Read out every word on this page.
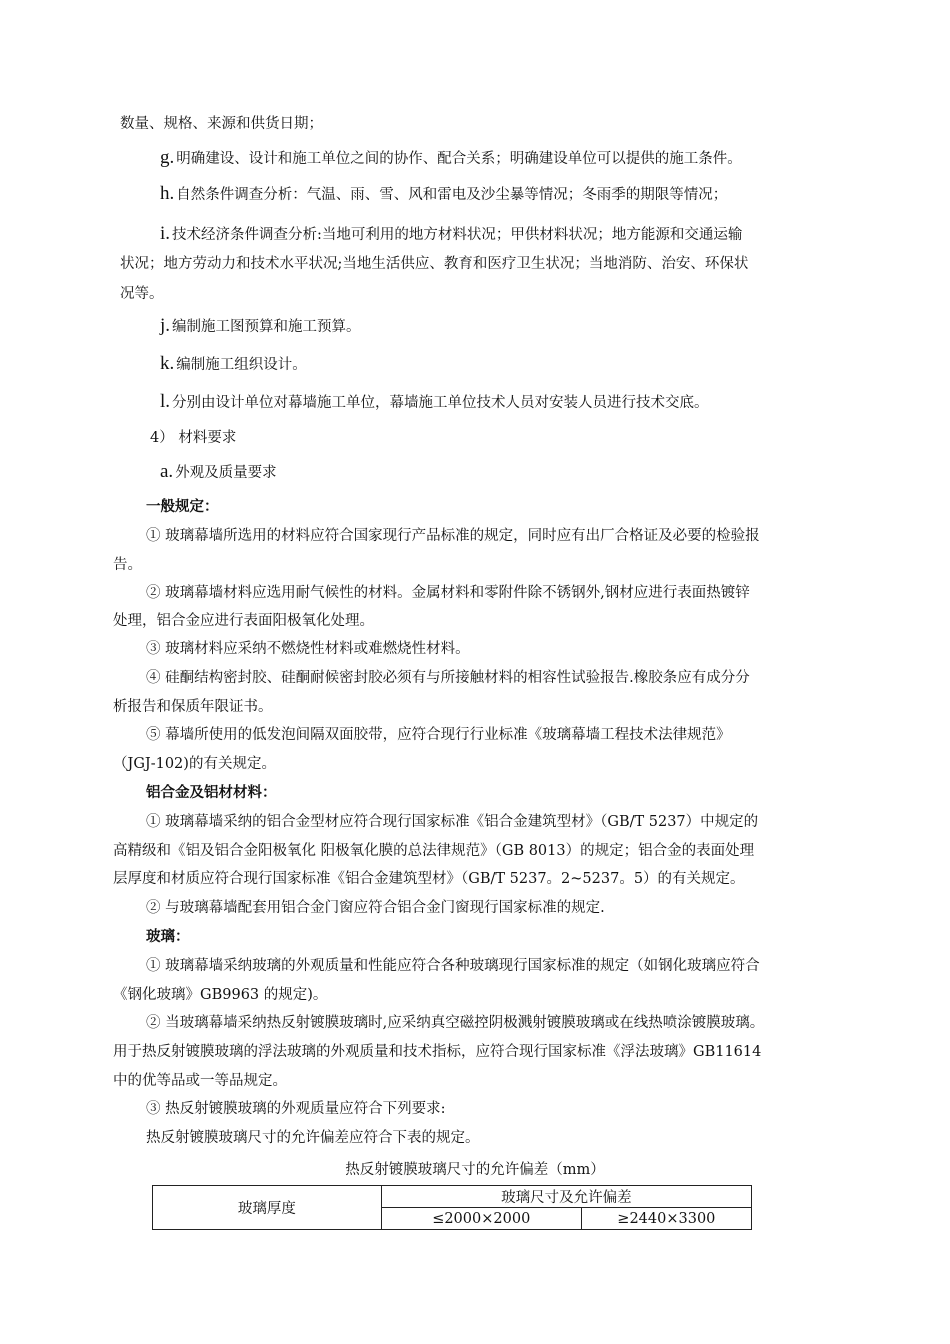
数量、规格、来源和供货日期；
g. 明确建设、设计和施工单位之间的协作、配合关系；明确建设单位可以提供的施工条件。
h. 自然条件调查分析：气温、雨、雪、风和雷电及沙尘暴等情况；冬雨季的期限等情况；
i. 技术经济条件调查分析:当地可利用的地方材料状况；甲供材料状况；地方能源和交通运输
状况；地方劳动力和技术水平状况;当地生活供应、教育和医疗卫生状况；当地消防、治安、环保状
况等。
j. 编制施工图预算和施工预算。
k. 编制施工组织设计。
l. 分别由设计单位对幕墙施工单位，幕墙施工单位技术人员对安装人员进行技术交底。
4） 材料要求
a. 外观及质量要求
一般规定：
① 玻璃幕墙所选用的材料应符合国家现行产品标准的规定，同时应有出厂合格证及必要的检验报
告。
② 玻璃幕墙材料应选用耐气候性的材料。金属材料和零附件除不锈钢外,钢材应进行表面热镀锌
处理，铝合金应进行表面阳极氧化处理。
③ 玻璃材料应采纳不燃烧性材料或难燃烧性材料。
④ 硅酮结构密封胶、硅酮耐候密封胶必须有与所接触材料的相容性试验报告.橡胶条应有成分分
析报告和保质年限证书。
⑤ 幕墙所使用的低发泡间隔双面胶带，应符合现行行业标准《玻璃幕墙工程技术法律规范》
（JGJ-102)的有关规定。
铝合金及铝材材料：
① 玻璃幕墙采纳的铝合金型材应符合现行国家标准《铝合金建筑型材》（GB/T 5237）中规定的
高精级和《铝及铝合金阳极氧化 阳极氧化膜的总法律规范》（GB 8013）的规定；铝合金的表面处理
层厚度和材质应符合现行国家标准《铝合金建筑型材》（GB/T 5237。2~5237。5）的有关规定。
② 与玻璃幕墙配套用铝合金门窗应符合铝合金门窗现行国家标准的规定.
玻璃：
① 玻璃幕墙采纳玻璃的外观质量和性能应符合各种玻璃现行国家标准的规定（如钢化玻璃应符合
《钢化玻璃》GB9963 的规定)。
② 当玻璃幕墙采纳热反射镀膜玻璃时,应采纳真空磁控阴极溅射镀膜玻璃或在线热喷涂镀膜玻璃。
用于热反射镀膜玻璃的浮法玻璃的外观质量和技术指标，应符合现行国家标准《浮法玻璃》GB11614
中的优等品或一等品规定。
③ 热反射镀膜玻璃的外观质量应符合下列要求:
热反射镀膜玻璃尺寸的允许偏差应符合下表的规定。
热反射镀膜玻璃尺寸的允许偏差（mm）
玻璃厚度	玻璃尺寸及允许偏差	
	≤2000×2000	≥2440×3300
